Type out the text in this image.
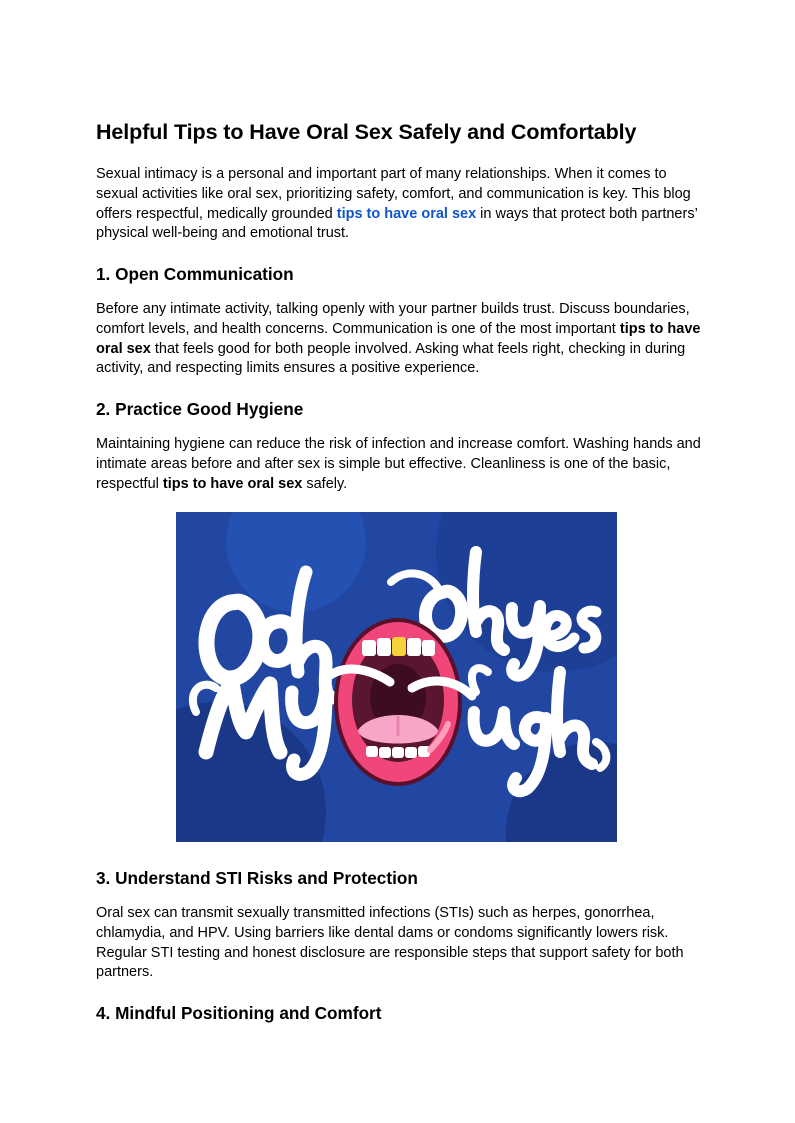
Helpful Tips to Have Oral Sex Safely and Comfortably

Sexual intimacy is a personal and important part of many relationships. When it comes to sexual activities like oral sex, prioritizing safety, comfort, and communication is key. This blog offers respectful, medically grounded tips to have oral sex in ways that protect both partners’ physical well-being and emotional trust.

1. Open Communication

Before any intimate activity, talking openly with your partner builds trust. Discuss boundaries, comfort levels, and health concerns. Communication is one of the most important tips to have oral sex that feels good for both people involved. Asking what feels right, checking in during activity, and respecting limits ensures a positive experience.

2. Practice Good Hygiene

Maintaining hygiene can reduce the risk of infection and increase comfort. Washing hands and intimate areas before and after sex is simple but effective. Cleanliness is one of the basic, respectful tips to have oral sex safely.

3. Understand STI Risks and Protection

Oral sex can transmit sexually transmitted infections (STIs) such as herpes, gonorrhea, chlamydia, and HPV. Using barriers like dental dams or condoms significantly lowers risk. Regular STI testing and honest disclosure are responsible steps that support safety for both partners.

4. Mindful Positioning and Comfort
